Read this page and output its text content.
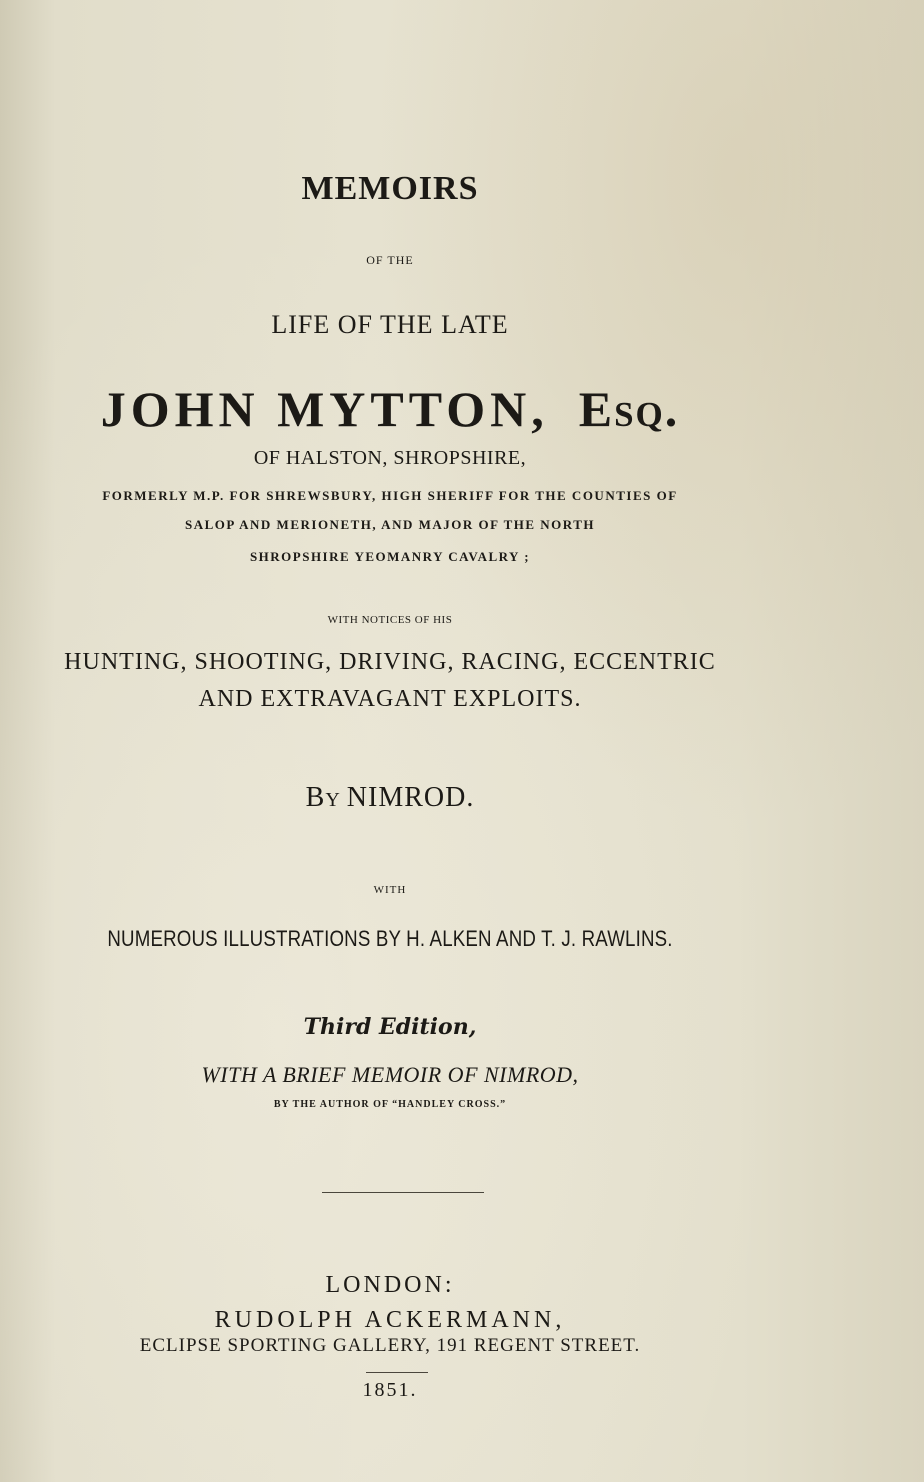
MEMOIRS

OF THE

LIFE OF THE LATE

JOHN MYTTON, Esq.

OF HALSTON, SHROPSHIRE,

FORMERLY M.P. FOR SHREWSBURY, HIGH SHERIFF FOR THE COUNTIES OF

SALOP AND MERIONETH, AND MAJOR OF THE NORTH

SHROPSHIRE YEOMANRY CAVALRY ;

WITH NOTICES OF HIS

HUNTING, SHOOTING, DRIVING, RACING, ECCENTRIC

AND EXTRAVAGANT EXPLOITS.

By NIMROD.

WITH

NUMEROUS ILLUSTRATIONS BY H. ALKEN AND T. J. RAWLINS.

Third Edition,

WITH A BRIEF MEMOIR OF NIMROD,

BY THE AUTHOR OF “HANDLEY CROSS.”

LONDON:

RUDOLPH ACKERMANN,

ECLIPSE SPORTING GALLERY, 191 REGENT STREET.

1851.
